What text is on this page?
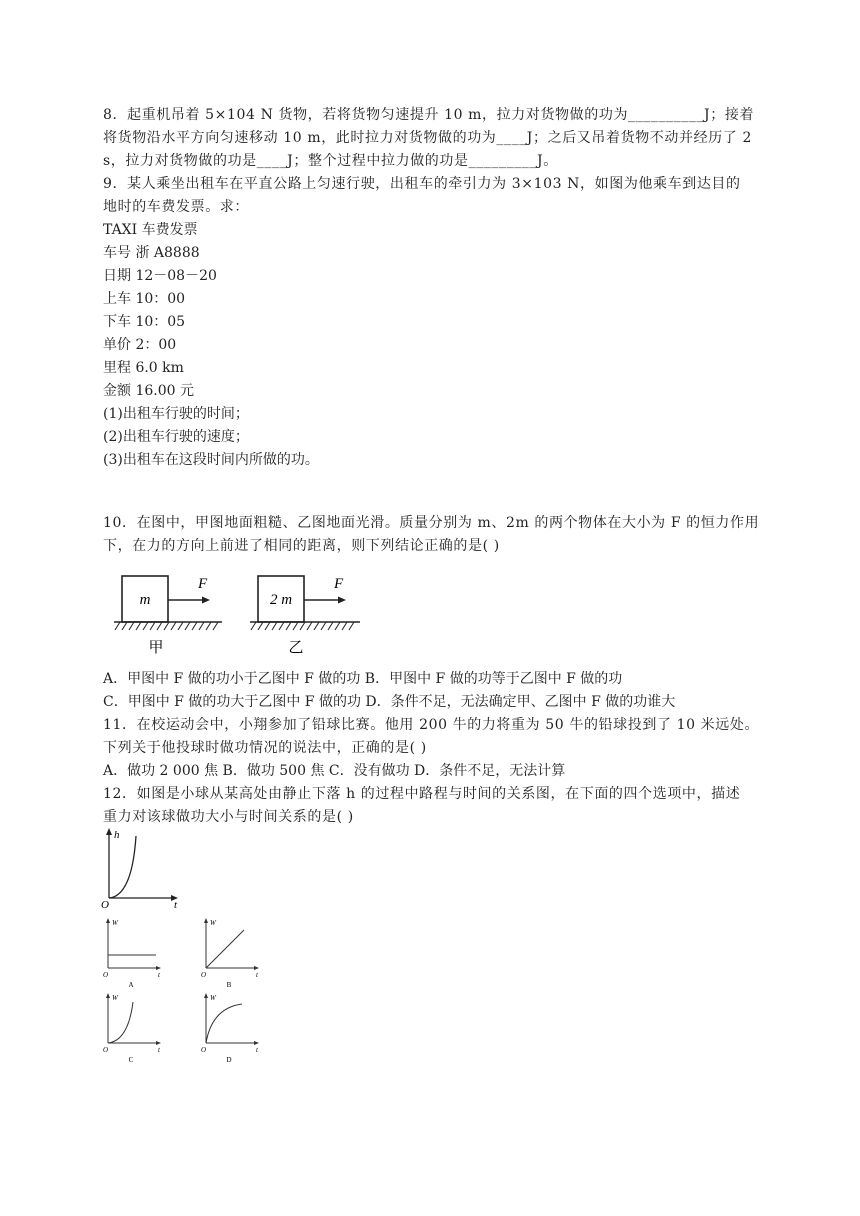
8．起重机吊着 5×104 N 货物，若将货物匀速提升 10 m，拉力对货物做的功为__________J；接着
将货物沿水平方向匀速移动 10 m，此时拉力对货物做的功为____J；之后又吊着货物不动并经历了 2
s，拉力对货物做的功是____J；整个过程中拉力做的功是_________J。
9．某人乘坐出租车在平直公路上匀速行驶，出租车的牵引力为 3×103 N，如图为他乘车到达目的
地时的车费发票。求：
TAXI 车费发票
车号 浙 A8888
日期 12－08－20
上车 10：00
下车 10：05
单价 2：00
里程 6.0 km
金额 16.00 元
(1)出租车行驶的时间；
(2)出租车行驶的速度；
(3)出租车在这段时间内所做的功。
10．在图中，甲图地面粗糙、乙图地面光滑。质量分别为 m、2m 的两个物体在大小为 F 的恒力作用
下，在力的方向上前进了相同的距离，则下列结论正确的是( )
m
F
甲
2 m
F
乙
A．甲图中 F 做的功小于乙图中 F 做的功 B．甲图中 F 做的功等于乙图中 F 做的功
C．甲图中 F 做的功大于乙图中 F 做的功 D．条件不足，无法确定甲、乙图中 F 做的功谁大
11．在校运动会中，小翔参加了铅球比赛。他用 200 牛的力将重为 50 牛的铅球投到了 10 米远处。
下列关于他投球时做功情况的说法中，正确的是( )
A．做功 2 000 焦 B．做功 500 焦 C．没有做功 D．条件不足，无法计算
12．如图是小球从某高处由静止下落 h 的过程中路程与时间的关系图，在下面的四个选项中，描述
重力对该球做功大小与时间关系的是( )
h
t
O
W
t
O
A
W
t
O
B
W
t
O
C
W
t
O
D
